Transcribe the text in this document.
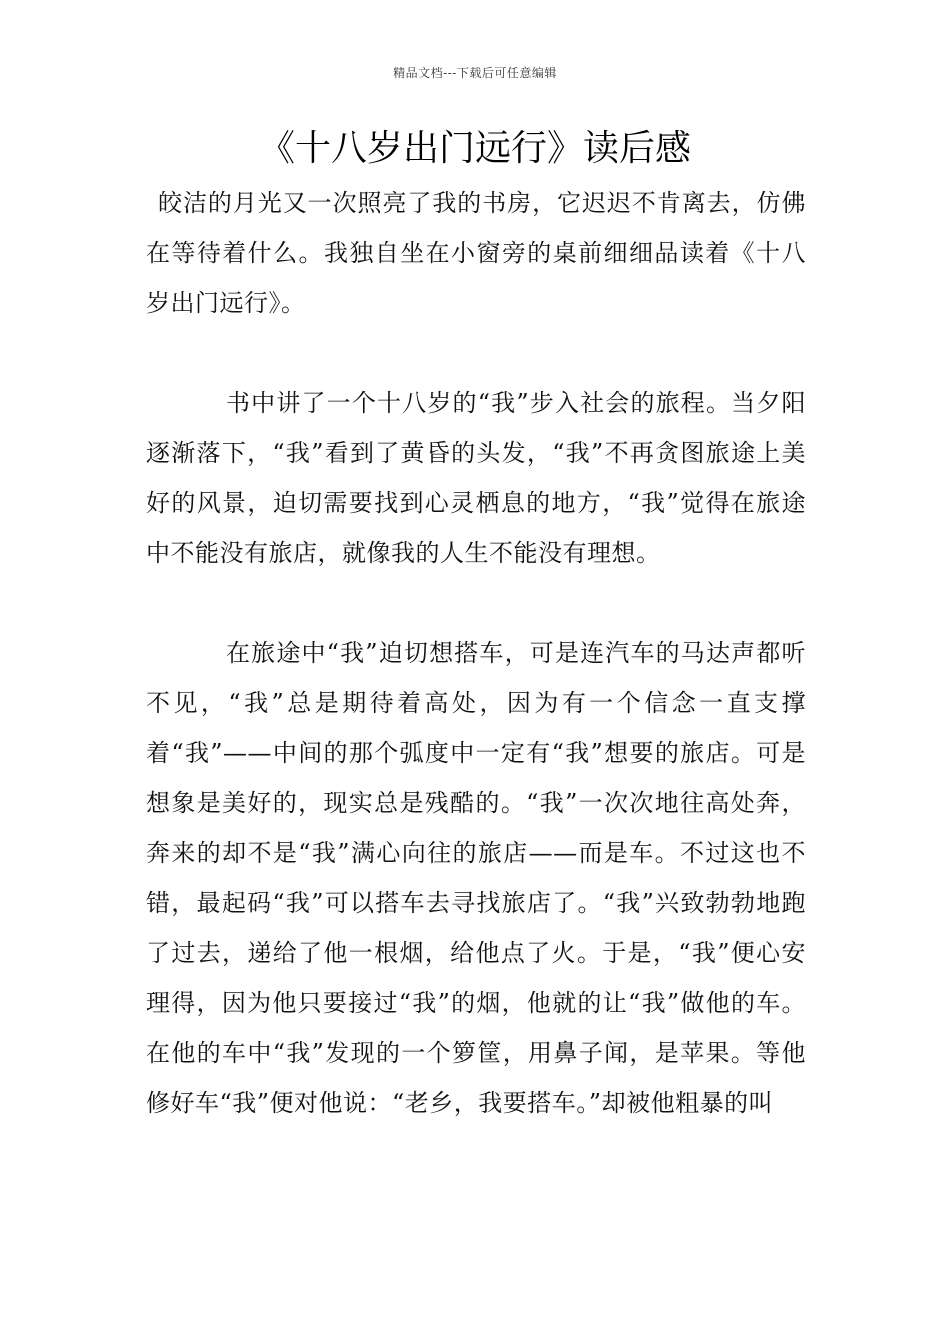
精品文档---下载后可任意编辑
《十八岁出门远行》读后感

皎洁的月光又一次照亮了我的书房，它迟迟不肯离去，仿佛在等待着什么。我独自坐在小窗旁的桌前细细品读着《十八岁出门远行》。

书中讲了一个十八岁的“我”步入社会的旅程。当夕阳逐渐落下，“我”看到了黄昏的头发，“我”不再贪图旅途上美好的风景，迫切需要找到心灵栖息的地方，“我”觉得在旅途中不能没有旅店，就像我的人生不能没有理想。

在旅途中“我”迫切想搭车，可是连汽车的马达声都听不见，“我”总是期待着高处，因为有一个信念一直支撑着“我”——中间的那个弧度中一定有“我”想要的旅店。可是想象是美好的，现实总是残酷的。“我”一次次地往高处奔，奔来的却不是“我”满心向往的旅店——而是车。不过这也不错，最起码“我”可以搭车去寻找旅店了。“我”兴致勃勃地跑了过去，递给了他一根烟，给他点了火。于是，“我”便心安理得，因为他只要接过“我”的烟，他就的让“我”做他的车。在他的车中“我”发现的一个箩筐，用鼻子闻，是苹果。等他修好车“我”便对他说：“老乡，我要搭车。”却被他粗暴的叫
